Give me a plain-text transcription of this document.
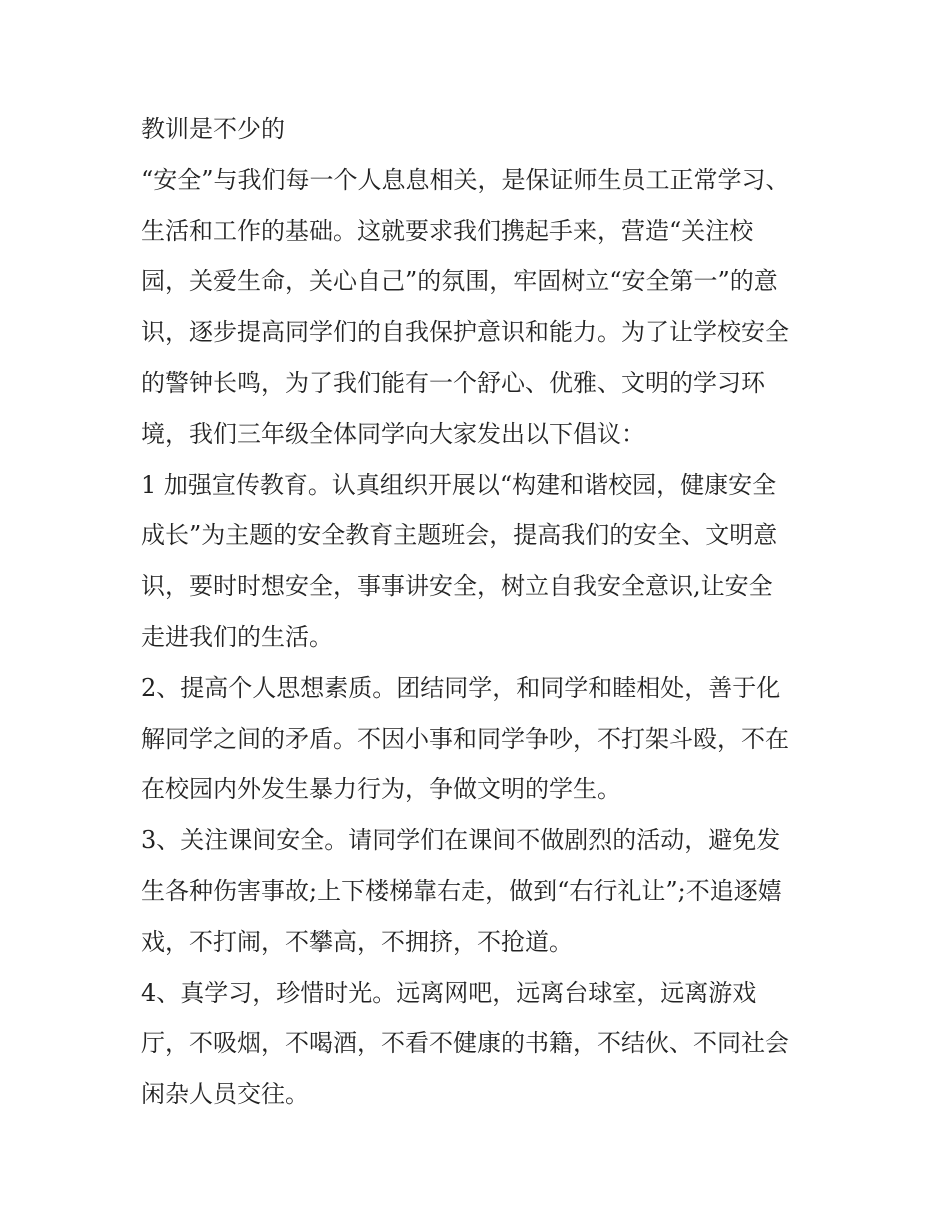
教训是不少的
“安全”与我们每一个人息息相关，是保证师生员工正常学习、
生活和工作的基础。这就要求我们携起手来，营造“关注校
园，关爱生命，关心自己”的氛围，牢固树立“安全第一”的意
识，逐步提高同学们的自我保护意识和能力。为了让学校安全
的警钟长鸣，为了我们能有一个舒心、优雅、文明的学习环
境，我们三年级全体同学向大家发出以下倡议：
1 加强宣传教育。认真组织开展以“构建和谐校园，健康安全
成长”为主题的安全教育主题班会，提高我们的安全、文明意
识，要时时想安全，事事讲安全，树立自我安全意识,让安全
走进我们的生活。
2、提高个人思想素质。团结同学，和同学和睦相处，善于化
解同学之间的矛盾。不因小事和同学争吵，不打架斗殴，不在
在校园内外发生暴力行为，争做文明的学生。
3、关注课间安全。请同学们在课间不做剧烈的活动，避免发
生各种伤害事故;上下楼梯靠右走，做到“右行礼让”;不追逐嬉
戏，不打闹，不攀高，不拥挤，不抢道。
4、真学习，珍惜时光。远离网吧，远离台球室，远离游戏
厅，不吸烟，不喝酒，不看不健康的书籍，不结伙、不同社会
闲杂人员交往。
